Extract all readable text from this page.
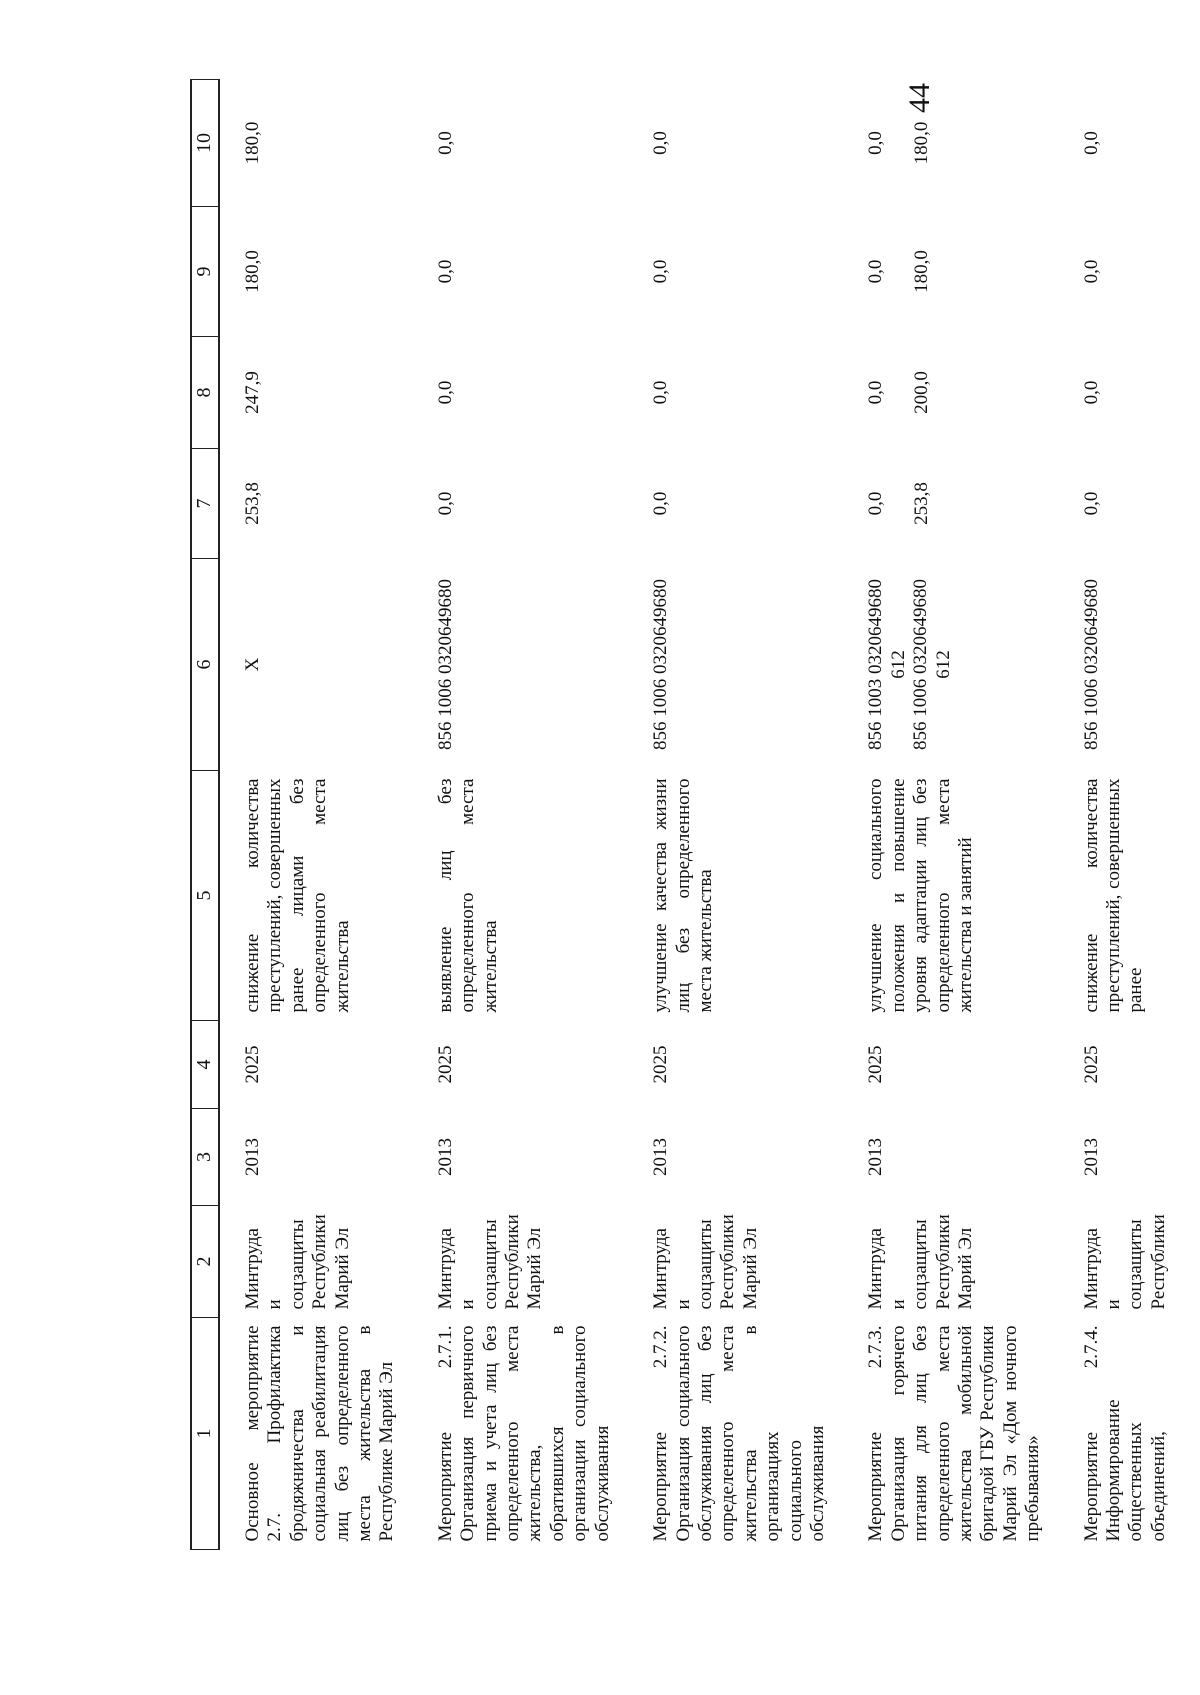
44
1	2	3	4	5	6	7	8	9	10
Основное мероприятие 2.7. Профилактика бродяжничества и социальная реабилитация лиц без определенного места жительства в Республике Марий Эл	Минтруда и соцзащиты Республики Марий Эл	2013	2025	снижение количества преступлений, совершенных ранее лицами без определенного места жительства	X	253,8	247,9	180,0	180,0

Мероприятие 2.7.1. Организация первичного приема и учета лиц без определенного места жительства, обратившихся в организации социального обслуживания	Минтруда и соцзащиты Республики Марий Эл	2013	2025	выявление лиц без определенного места жительства	856 1006 0320649680	0,0	0,0	0,0	0,0

Мероприятие 2.7.2. Организация социального обслуживания лиц без определенного места жительства в организациях социального обслуживания	Минтруда и соцзащиты Республики Марий Эл	2013	2025	улучшение качества жизни лиц без определенного места жительства	856 1006 0320649680	0,0	0,0	0,0	0,0

Мероприятие 2.7.3. Организация горячего питания для лиц без определенного места жительства мобильной бригадой ГБУ Республики Марий Эл «Дом ночного пребывания»	Минтруда и соцзащиты Республики Марий Эл	2013	2025	улучшение социального положения и повышение уровня адаптации лиц без определенного места жительства и занятий	856 1003 0320649680 612 856 1006 0320649680 612	0,0 253,8	0,0 200,0	0,0 180,0	0,0 180,0

Мероприятие 2.7.4. Информирование общественных объединений,	Минтруда и соцзащиты Республики	2013	2025	снижение количества преступлений, совершенных ранее	856 1006 0320649680	0,0	0,0	0,0	0,0
